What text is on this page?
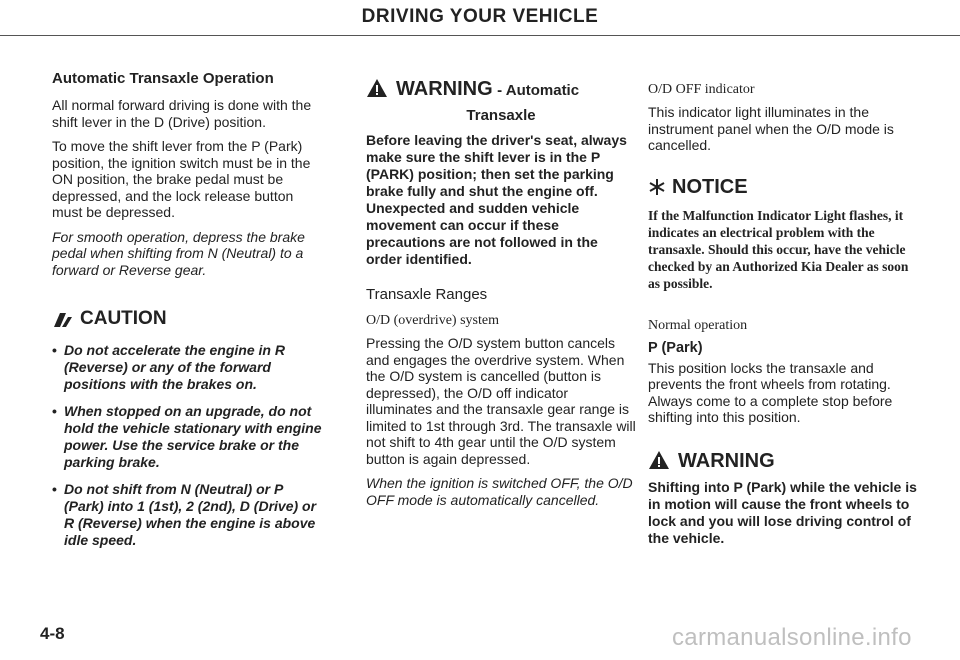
DRIVING YOUR VEHICLE
Automatic Transaxle Operation

All normal forward driving is done with the shift lever in the D (Drive) position.

To move the shift lever from the P (Park) position, the ignition switch must be in the ON position, the brake pedal must be depressed, and the lock release button must be depressed.

For smooth operation, depress the brake pedal when shifting from N (Neutral) to a forward or Reverse gear.

CAUTION
• Do not accelerate the engine in R (Reverse) or any of the forward positions with the brakes on.
• When stopped on an upgrade, do not hold the vehicle stationary with engine power. Use the service brake or the parking brake.
• Do not shift from N (Neutral) or P (Park) into 1 (1st), 2 (2nd), D (Drive) or R (Reverse) when the engine is above idle speed.
WARNING - Automatic
Transaxle

Before leaving the driver's seat, always make sure the shift lever is in the P (PARK) position; then set the parking brake fully and shut the engine off. Unexpected and sudden vehicle movement can occur if these precautions are not followed in the order identified.

Transaxle Ranges
O/D (overdrive) system

Pressing the O/D system button cancels and engages the overdrive system. When the O/D system is cancelled (button is depressed), the O/D off indicator illuminates and the transaxle gear range is limited to 1st through 3rd. The transaxle will not shift to 4th gear until the O/D system button is again depressed.

When the ignition is switched OFF, the O/D OFF mode is automatically cancelled.

O/D OFF indicator

This indicator light illuminates in the instrument panel when the O/D mode is cancelled.

NOTICE

If the Malfunction Indicator Light flashes, it indicates an electrical problem with the transaxle. Should this occur, have the vehicle checked by an Authorized Kia Dealer as soon as possible.

Normal operation
P (Park)

This position locks the transaxle and prevents the front wheels from rotating. Always come to a complete stop before shifting into this position.

WARNING

Shifting into P (Park) while the vehicle is in motion will cause the front wheels to lock and you will lose driving control of the vehicle.

4-8	carmanualsonline.info
